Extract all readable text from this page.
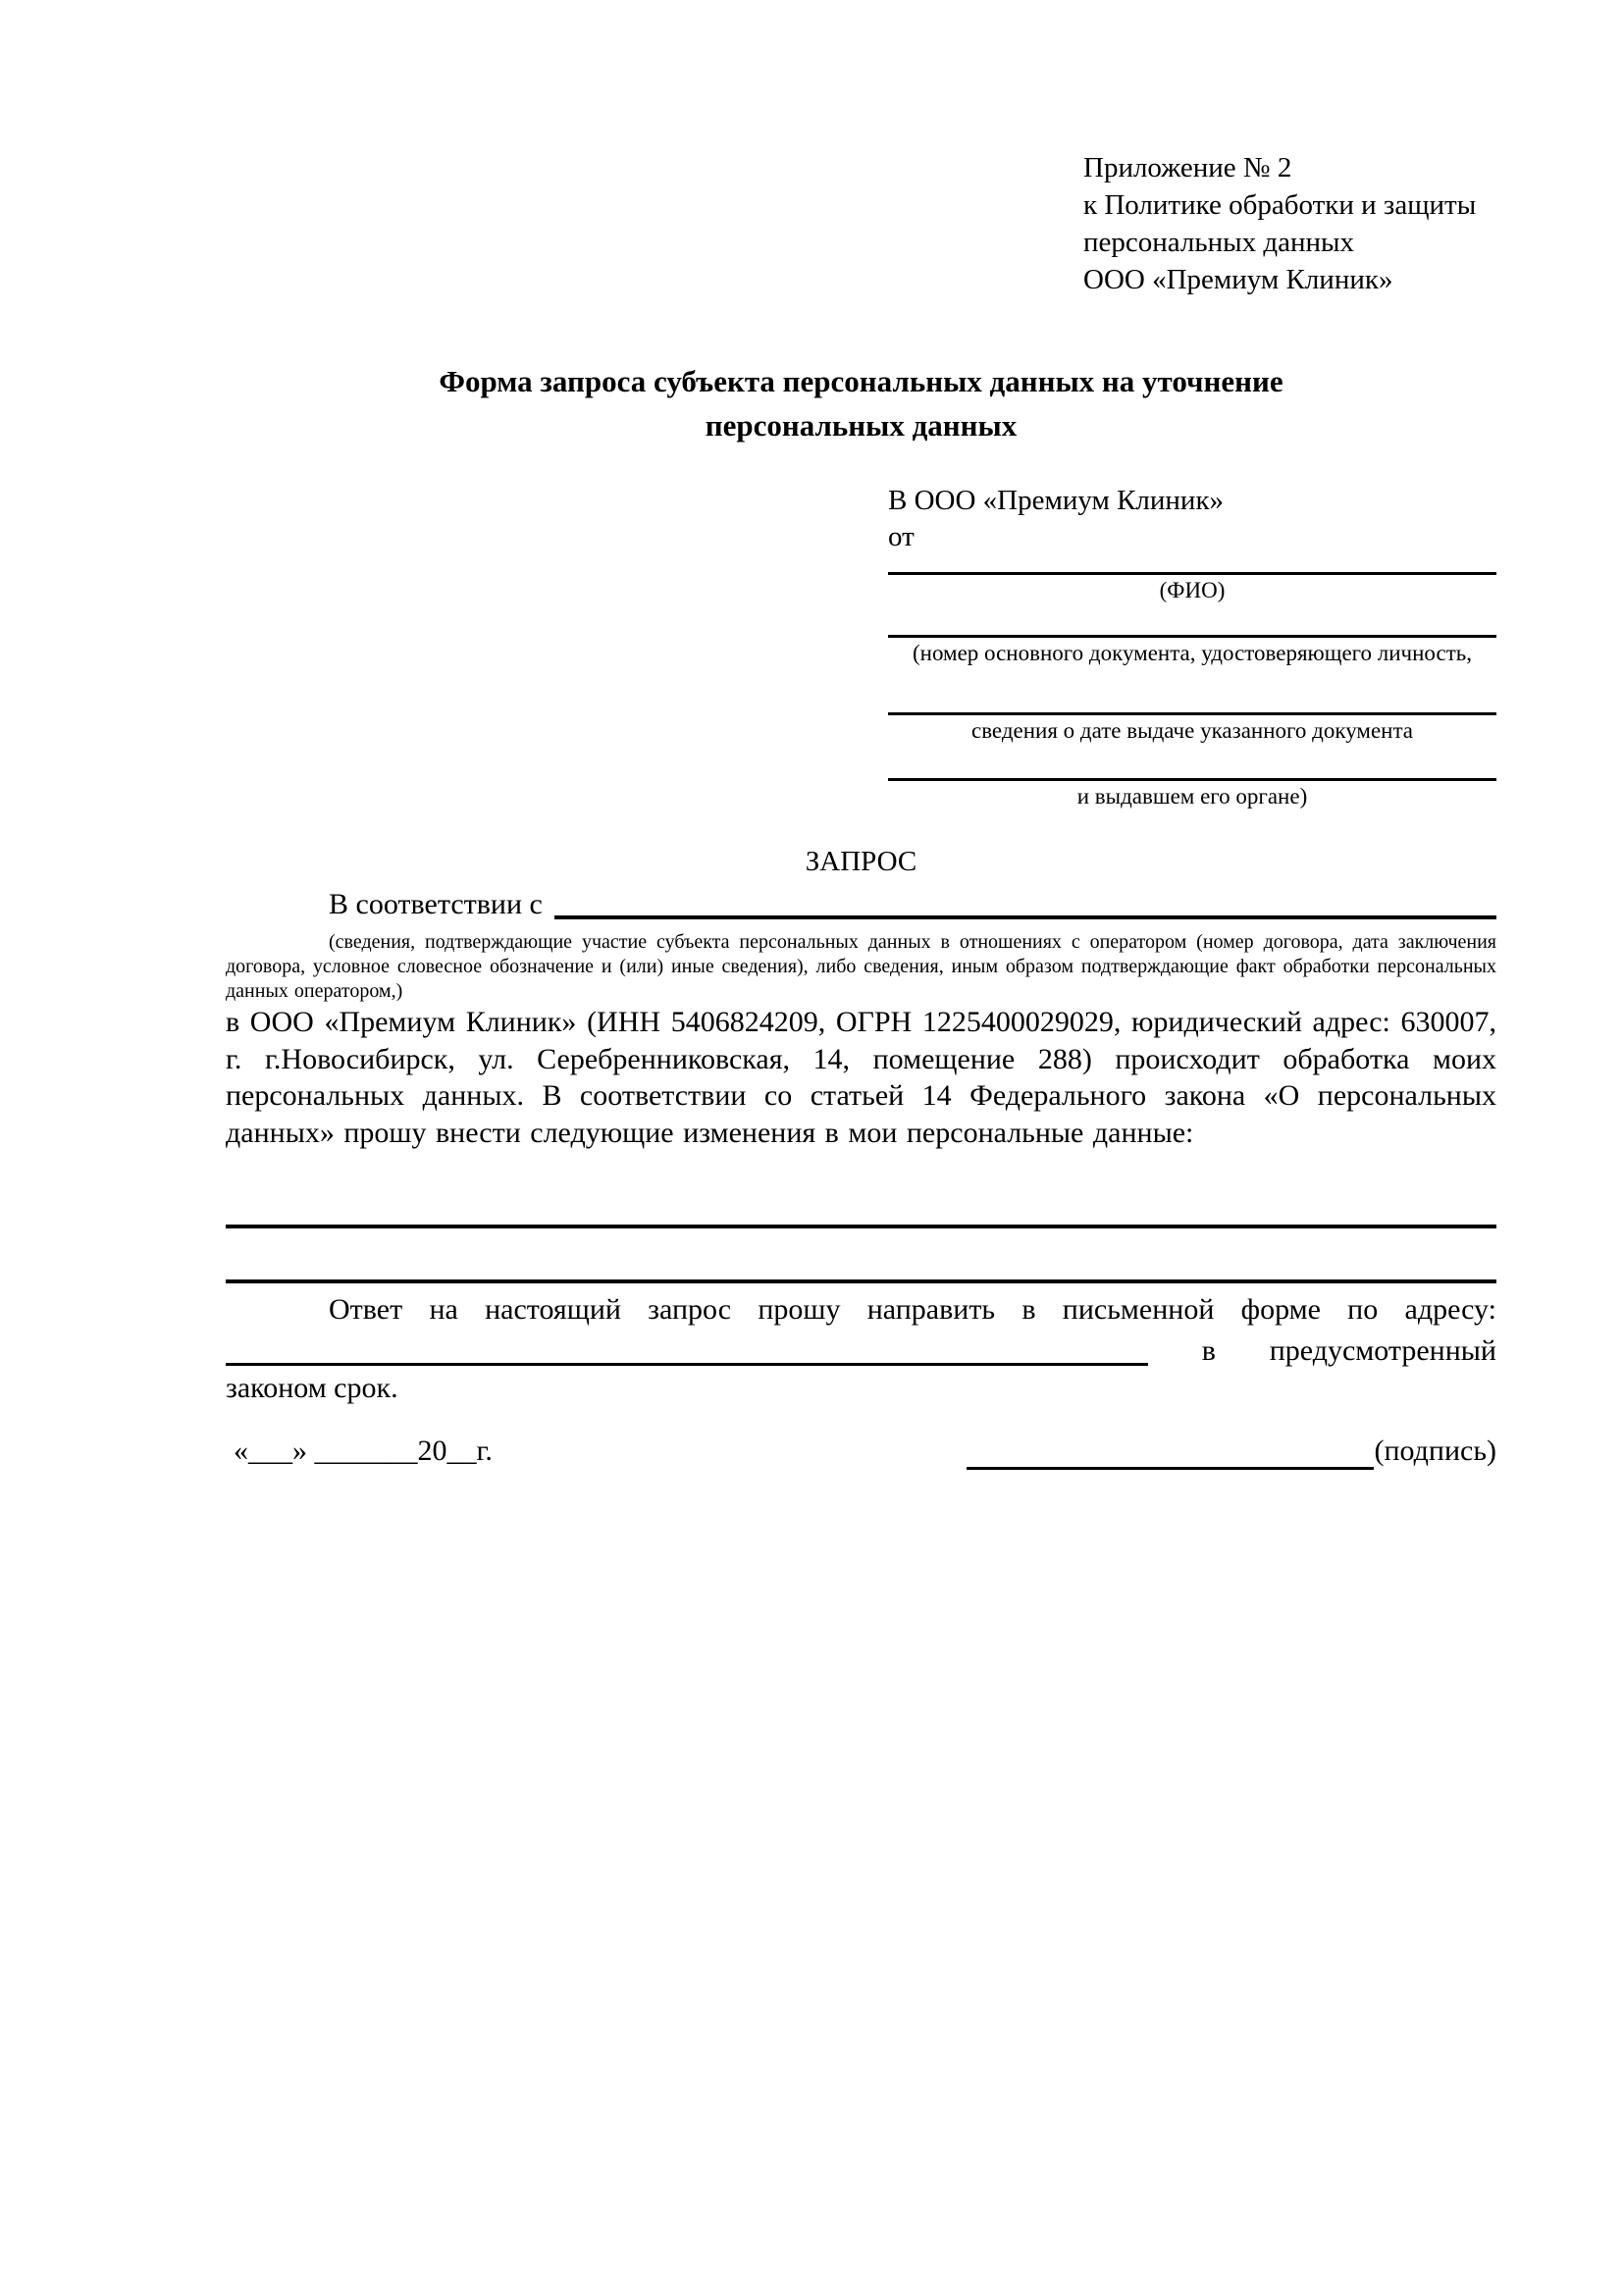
Приложение № 2
к Политике обработки и защиты
персональных данных
ООО «Премиум Клиник»
Форма запроса субъекта персональных данных на уточнение
персональных данных
В ООО «Премиум Клиник»
от
(ФИО)
(номер основного документа, удостоверяющего личность,
сведения о дате выдаче указанного документа
и выдавшем его органе)
ЗАПРОС
В соответствии с
(сведения, подтверждающие участие субъекта персональных данных в отношениях с оператором (номер договора, дата заключения договора, условное словесное обозначение и (или) иные сведения), либо сведения, иным образом подтверждающие факт обработки персональных данных оператором,)
в ООО «Премиум Клиник» (ИНН 5406824209, ОГРН 1225400029029, юридический адрес: 630007, г. г.Новосибирск, ул. Серебренниковская, 14, помещение 288) происходит обработка моих персональных данных. В соответствии со статьей 14 Федерального закона «О персональных данных» прошу внести следующие изменения в мои персональные данные:
Ответ на настоящий запрос прошу направить в письменной форме по адресу:
в предусмотренный
законом срок.
«___» _______20__г.	(подпись)
